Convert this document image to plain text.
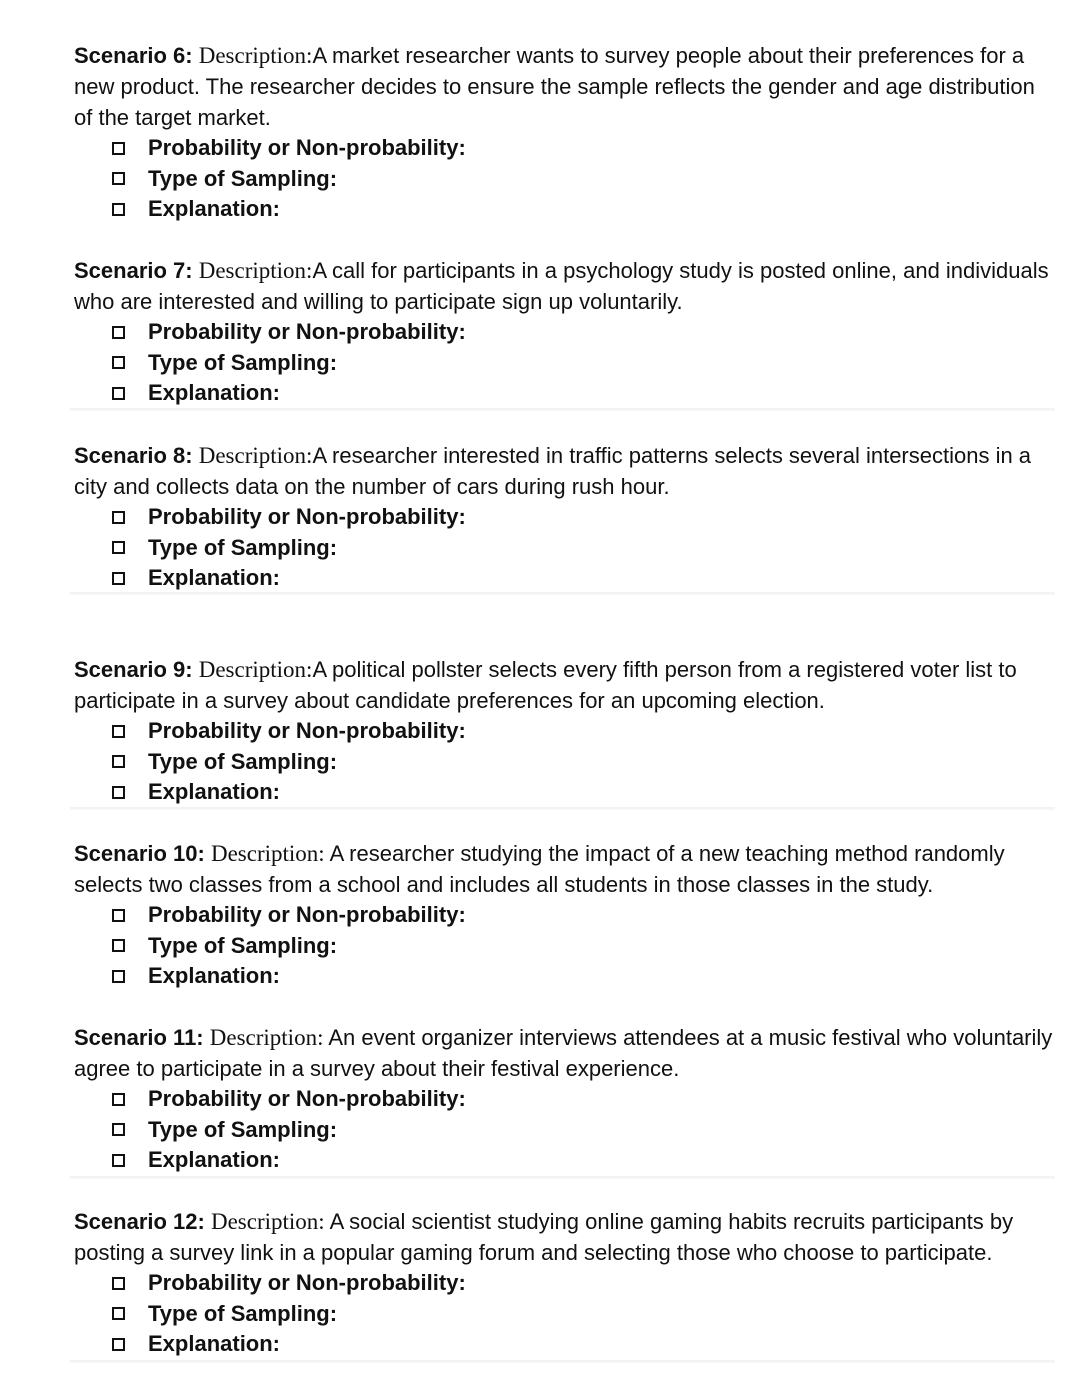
Scenario 6: Description:A market researcher wants to survey people about their preferences for a new product. The researcher decides to ensure the sample reflects the gender and age distribution of the target market.

Probability or Non-probability:
Type of Sampling:
Explanation:

Scenario 7: Description:A call for participants in a psychology study is posted online, and individuals who are interested and willing to participate sign up voluntarily.

Probability or Non-probability:
Type of Sampling:
Explanation:

Scenario 8: Description:A researcher interested in traffic patterns selects several intersections in a city and collects data on the number of cars during rush hour.

Probability or Non-probability:
Type of Sampling:
Explanation:

Scenario 9: Description:A political pollster selects every fifth person from a registered voter list to participate in a survey about candidate preferences for an upcoming election.

Probability or Non-probability:
Type of Sampling:
Explanation:

Scenario 10: Description: A researcher studying the impact of a new teaching method randomly selects two classes from a school and includes all students in those classes in the study.

Probability or Non-probability:
Type of Sampling:
Explanation:

Scenario 11: Description: An event organizer interviews attendees at a music festival who voluntarily agree to participate in a survey about their festival experience.

Probability or Non-probability:
Type of Sampling:
Explanation:

Scenario 12: Description: A social scientist studying online gaming habits recruits participants by posting a survey link in a popular gaming forum and selecting those who choose to participate.

Probability or Non-probability:
Type of Sampling:
Explanation:
